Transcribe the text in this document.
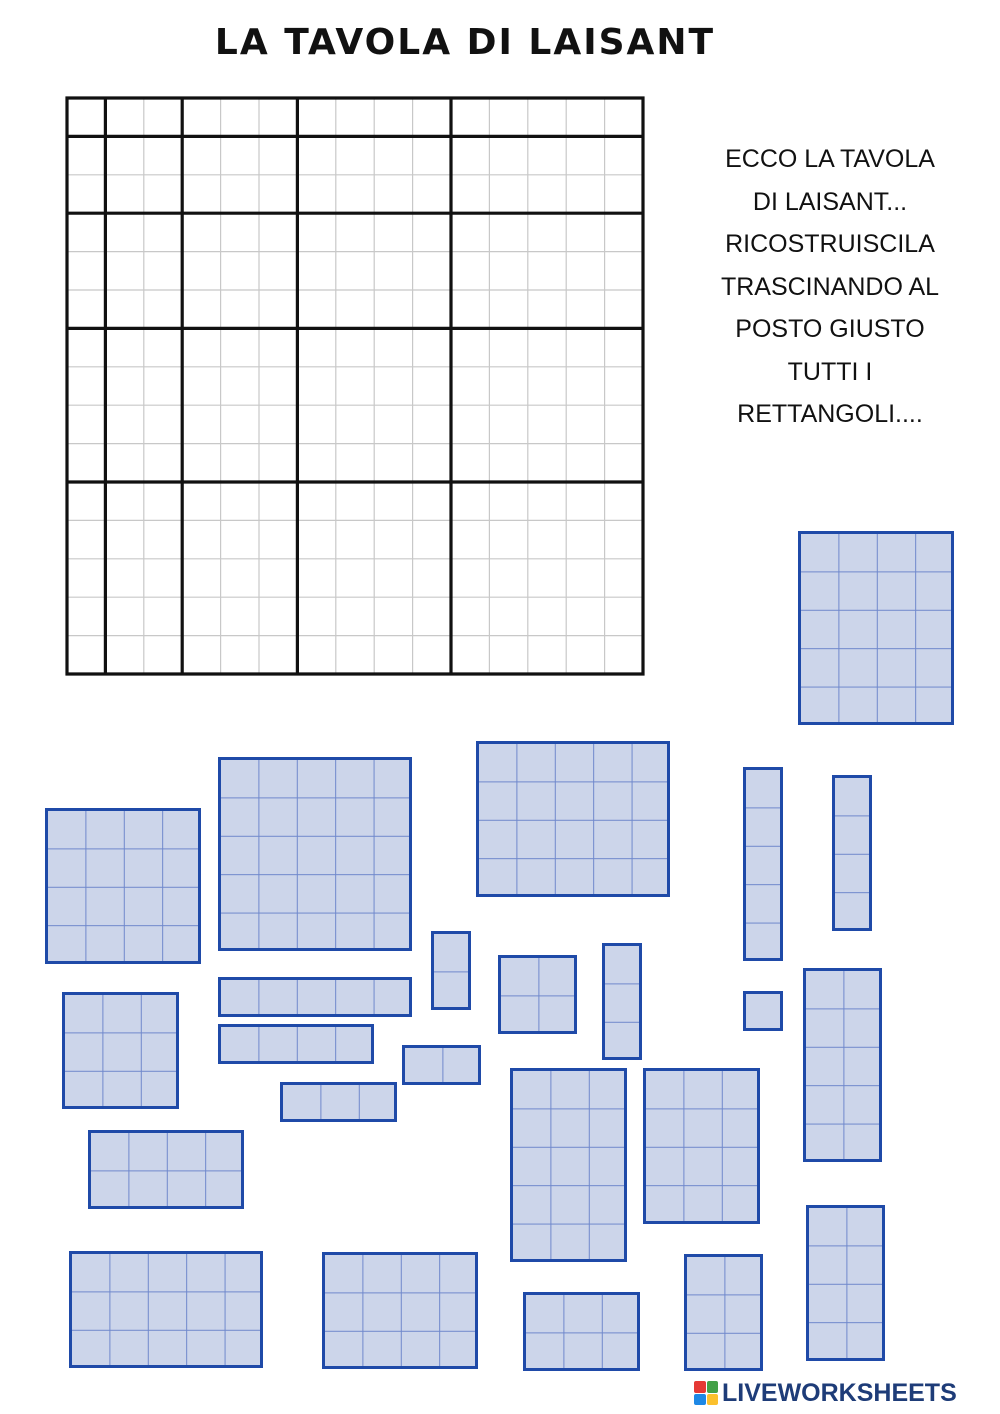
LA TAVOLA DI LAISANT
ECCO LA TAVOLA
DI LAISANT...
RICOSTRUISCILA
TRASCINANDO AL
POSTO GIUSTO
TUTTI I
RETTANGOLI....
LIVEWORKSHEETS
